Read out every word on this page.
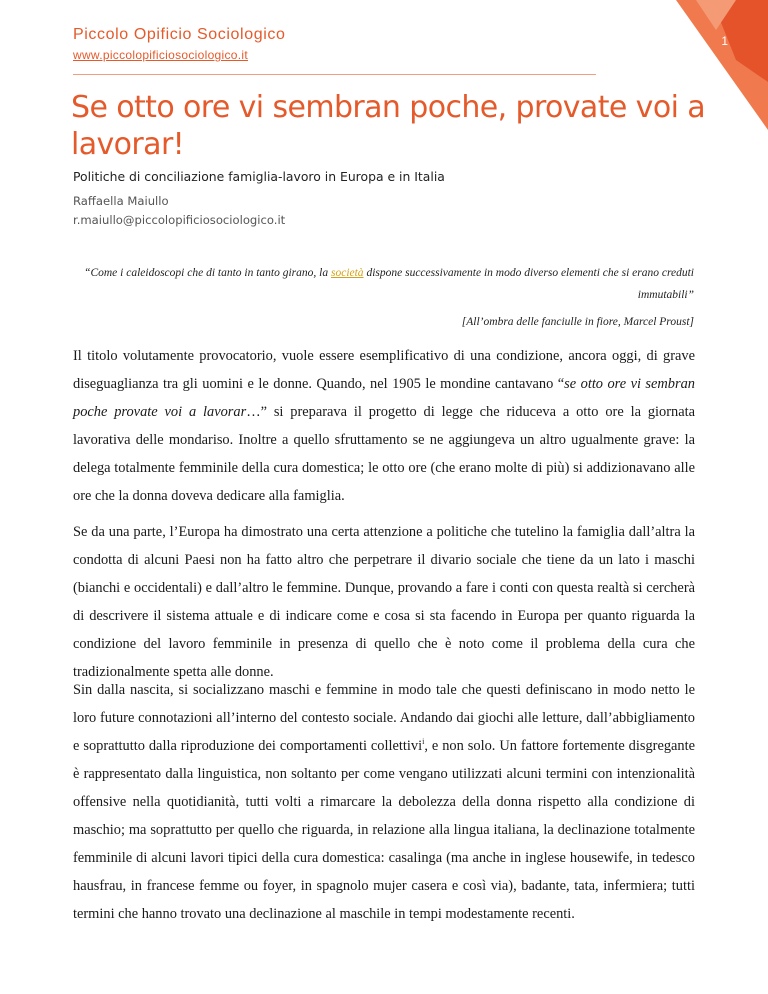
1
Piccolo Opificio Sociologico
www.piccolopificiosociologico.it
Se otto ore vi sembran poche, provate voi a lavorar!
Politiche di conciliazione famiglia-lavoro in Europa e in Italia
Raffaella Maiullo
r.maiullo@piccolopificiosociologico.it

“Come i caleidoscopi che di tanto in tanto girano, la società dispone successivamente in modo diverso elementi che si erano creduti immutabili”

[All’ombra delle fanciulle in fiore, Marcel Proust]

Il titolo volutamente provocatorio, vuole essere esemplificativo di una condizione, ancora oggi, di grave diseguaglianza tra gli uomini e le donne. Quando, nel 1905 le mondine cantavano “se otto ore vi sembran poche provate voi a lavorar…” si preparava il progetto di legge che riduceva a otto ore la giornata lavorativa delle mondariso. Inoltre a quello sfruttamento se ne aggiungeva un altro ugualmente grave: la delega totalmente femminile della cura domestica; le otto ore (che erano molte di più) si addizionavano alle ore che la donna doveva dedicare alla famiglia.

Se da una parte, l’Europa ha dimostrato una certa attenzione a politiche che tutelino la famiglia dall’altra la condotta di alcuni Paesi non ha fatto altro che perpetrare il divario sociale che tiene da un lato i maschi (bianchi e occidentali) e dall’altro le femmine. Dunque, provando a fare i conti con questa realtà si cercherà di descrivere il sistema attuale e di indicare come e cosa si sta facendo in Europa per quanto riguarda la condizione del lavoro femminile in presenza di quello che è noto come il problema della cura che tradizionalmente spetta alle donne.

Sin dalla nascita, si socializzano maschi e femmine in modo tale che questi definiscano in modo netto le loro future connotazioni all’interno del contesto sociale. Andando dai giochi alle letture, dall’abbigliamento e soprattutto dalla riproduzione dei comportamenti collettivi$^i$, e non solo. Un fattore fortemente disgregante è rappresentato dalla linguistica, non soltanto per come vengano utilizzati alcuni termini con intenzionalità offensive nella quotidianità, tutti volti a rimarcare la debolezza della donna rispetto alla condizione di maschio; ma soprattutto per quello che riguarda, in relazione alla lingua italiana, la declinazione totalmente femminile di alcuni lavori tipici della cura domestica: casalinga (ma anche in inglese housewife, in tedesco hausfrau, in francese femme ou foyer, in spagnolo mujer casera e così via), badante, tata, infermiera; tutti termini che hanno trovato una declinazione al maschile in tempi modestamente recenti.
